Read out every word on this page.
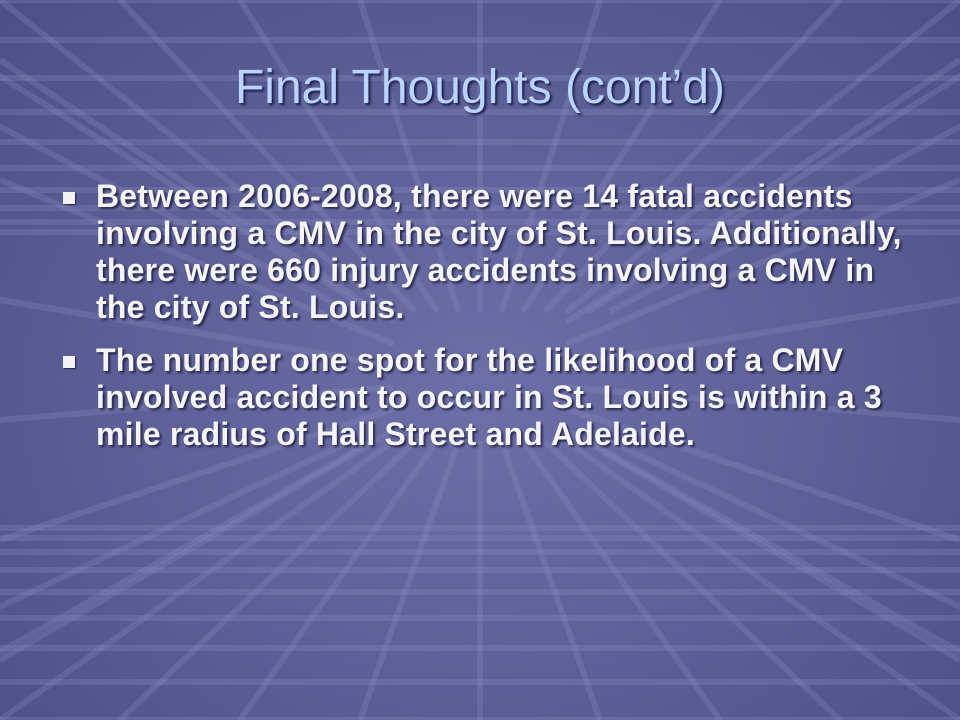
Final Thoughts (cont’d)
Between 2006-2008, there were 14 fatal accidents involving a CMV in the city of St. Louis. Additionally, there were 660 injury accidents involving a CMV in the city of St. Louis.
The number one spot for the likelihood of a CMV involved accident to occur in St. Louis is within a 3 mile radius of Hall Street and Adelaide.
